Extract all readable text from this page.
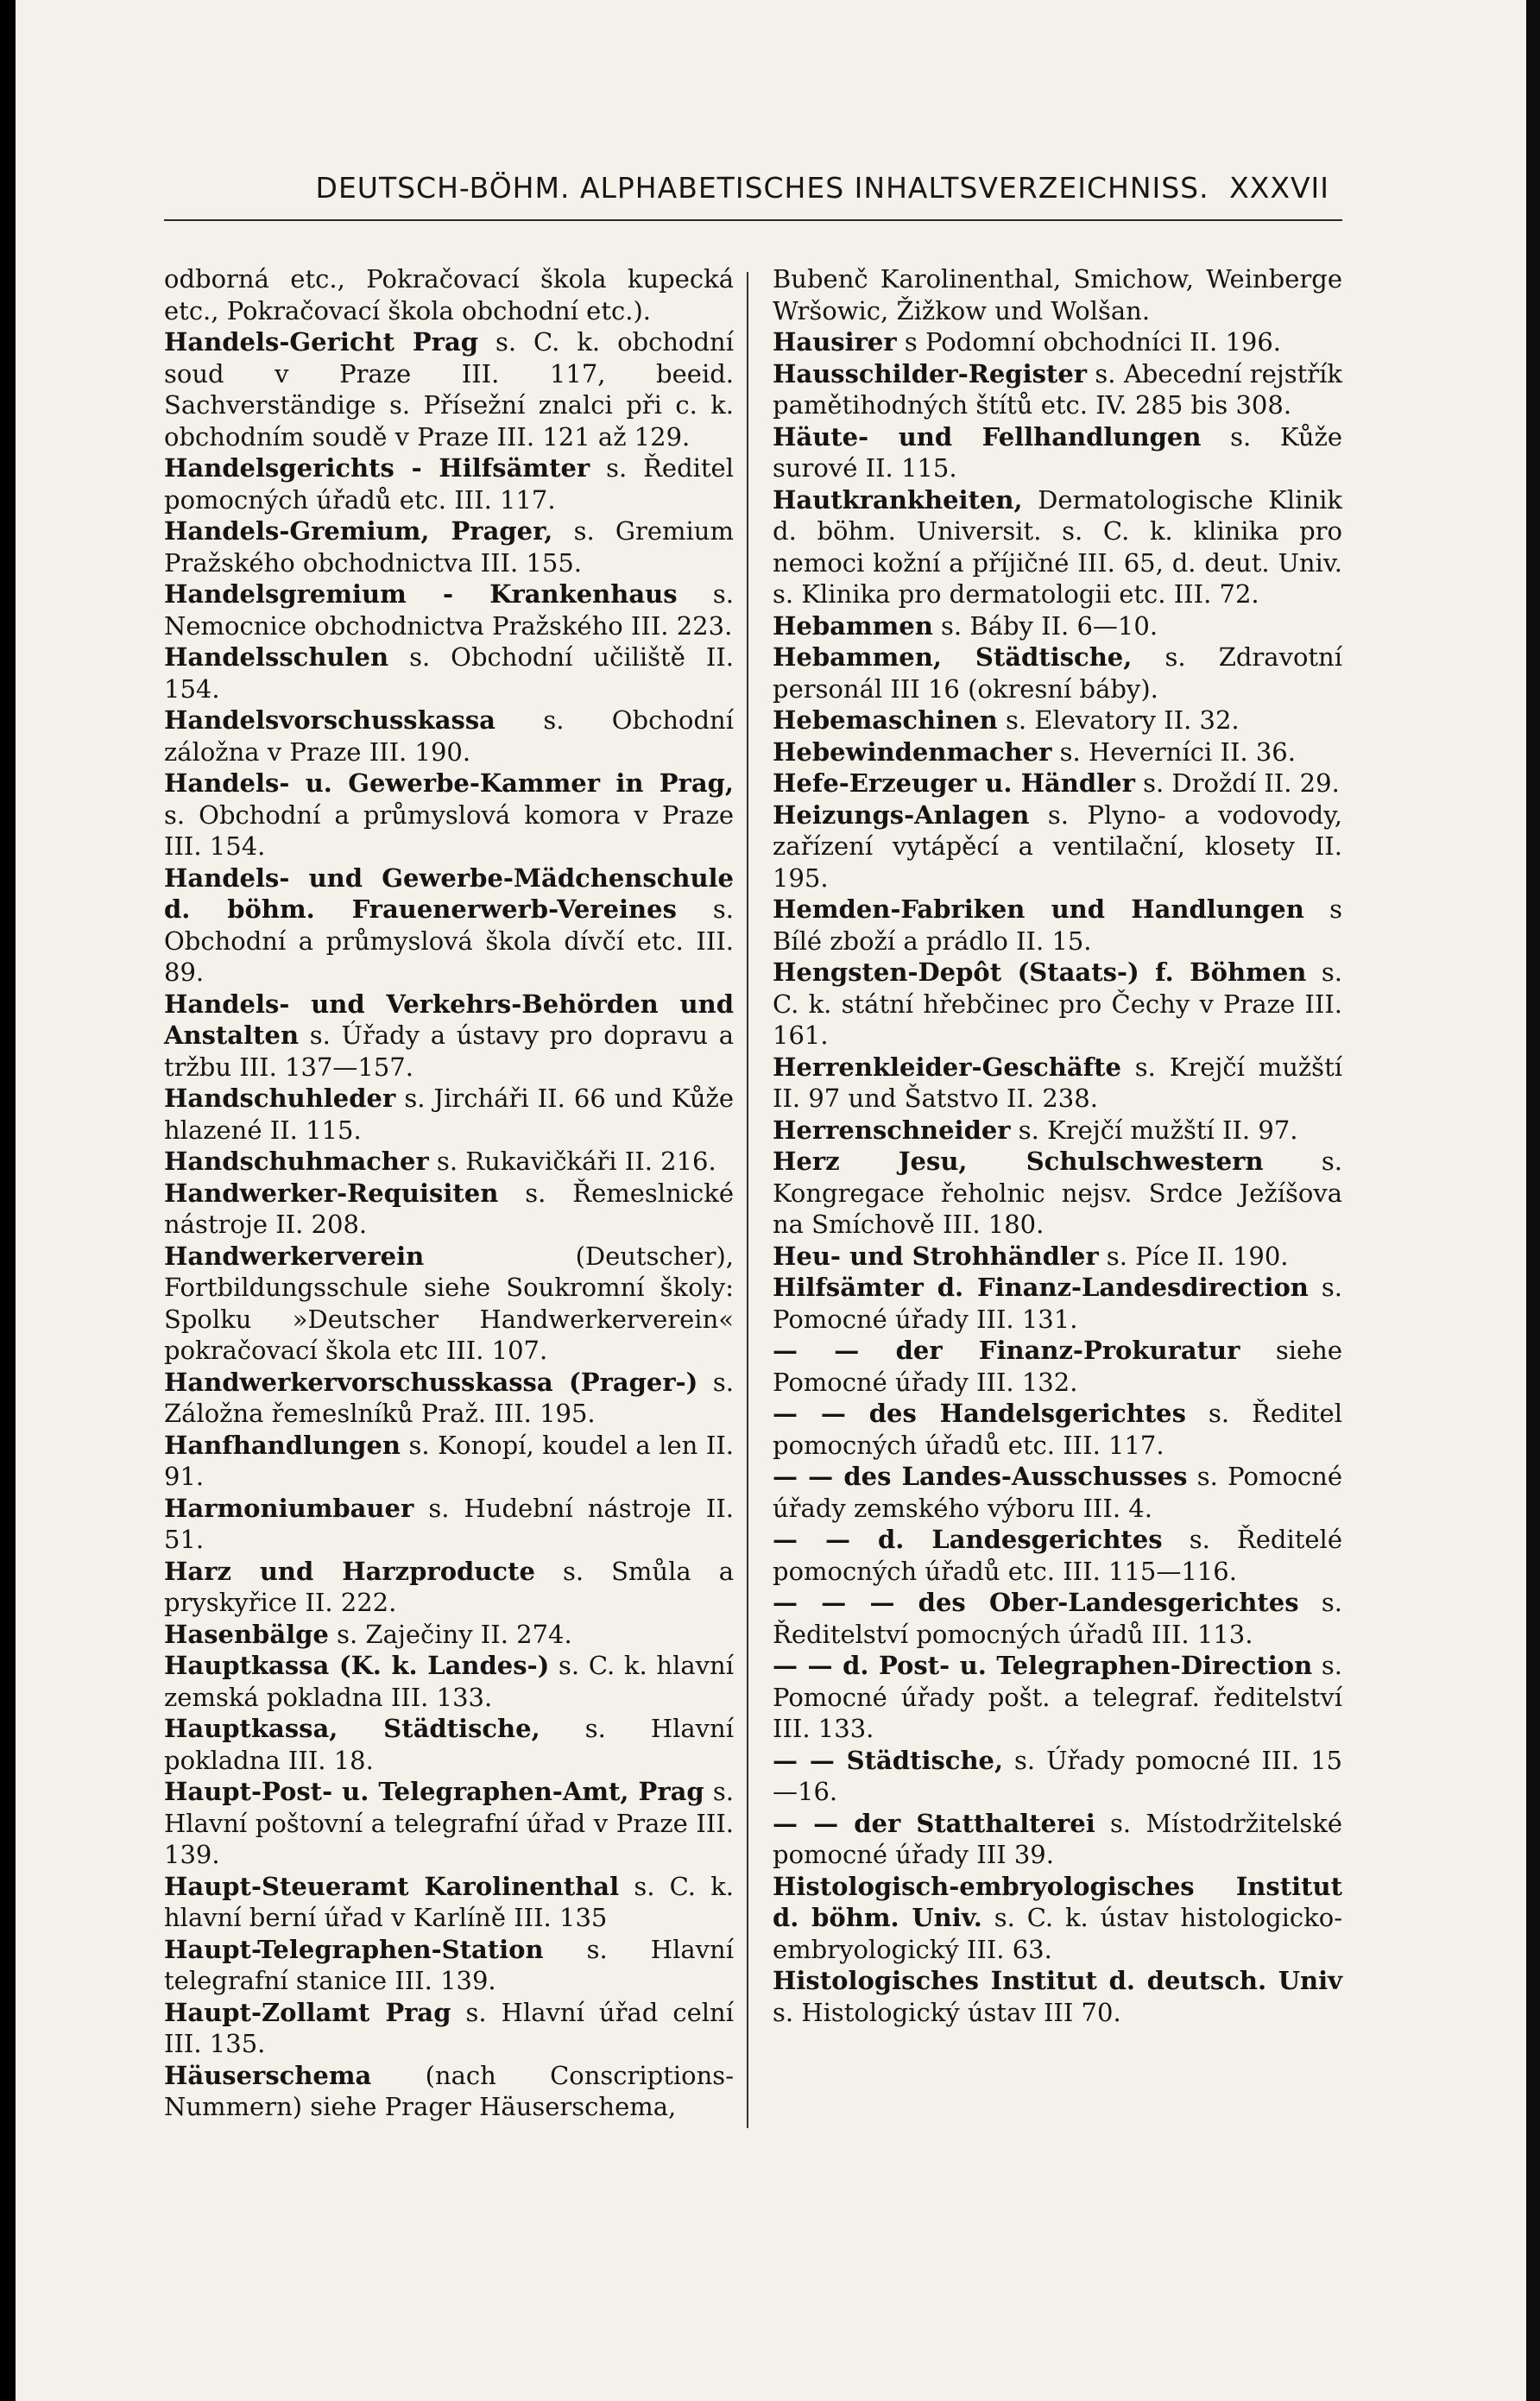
DEUTSCH-BÖHM. ALPHABETISCHES INHALTSVERZEICHNISS. XXXVII

odborná etc., Pokračovací škola kupecká etc., Pokračovací škola obchodní etc.).

Handels-Gericht Prag s. C. k. obchodní soud v Praze III. 117, beeid. Sachverständige s. Přísežní znalci při c. k. obchodním soudě v Praze III. 121 až 129.

Handelsgerichts - Hilfsämter s. Ředitel pomocných úřadů etc. III. 117.

Handels-Gremium, Prager, s. Gremium Pražského obchodnictva III. 155.

Handelsgremium - Krankenhaus s. Nemocnice obchodnictva Pražského III. 223.

Handelsschulen s. Obchodní učiliště II. 154.

Handelsvorschusskassa s. Obchodní záložna v Praze III. 190.

Handels- u. Gewerbe-Kammer in Prag, s. Obchodní a průmyslová komora v Praze III. 154.

Handels- und Gewerbe-Mädchenschule d. böhm. Frauenerwerb-Vereines s. Obchodní a průmyslová škola dívčí etc. III. 89.

Handels- und Verkehrs-Behörden und Anstalten s. Úřady a ústavy pro dopravu a tržbu III. 137—157.

Handschuhleder s. Jircháři II. 66 und Kůže hlazené II. 115.

Handschuhmacher s. Rukavičkáři II. 216.

Handwerker-Requisiten s. Řemeslnické nástroje II. 208.

Handwerkerverein	(Deutscher), Fortbildungsschule siehe Soukromní školy: Spolku »Deutscher Handwerkerverein« pokračovací škola etc III. 107.

Handwerkervorschusskassa (Prager-) s. Záložna řemeslníků Praž. III. 195.

Hanfhandlungen s. Konopí, koudel a len II. 91.

Harmoniumbauer s. Hudební nástroje II. 51.

Harz und Harzproducte s. Smůla a pryskyřice II. 222.

Hasenbälge s. Zaječiny II. 274.

Hauptkassa (K. k. Landes-) s. C. k. hlavní zemská pokladna III. 133.

Hauptkassa, Städtische, s. Hlavní pokladna III. 18.

Haupt-Post- u. Telegraphen-Amt, Prag s. Hlavní poštovní a telegrafní úřad v Praze III. 139.

Haupt-Steueramt Karolinenthal s. C. k. hlavní berní úřad v Karlíně III. 135

Haupt-Telegraphen-Station s. Hlavní telegrafní stanice III. 139.

Haupt-Zollamt Prag s. Hlavní úřad celní III. 135.

Häuserschema (nach Conscriptions-Nummern) siehe Prager Häuserschema,

Bubenč Karolinenthal, Smichow, Weinberge Wršowic, Žižkow und Wolšan.

Hausirer s Podomní obchodníci II. 196.

Hausschilder-Register s. Abecední rejstřík pamětihodných štítů etc. IV. 285 bis 308.

Häute- und Fellhandlungen s. Kůže surové II. 115.

Hautkrankheiten, Dermatologische Klinik d. böhm. Universit. s. C. k. klinika pro nemoci kožní a příjičné III. 65, d. deut. Univ. s. Klinika pro dermatologii etc. III. 72.

Hebammen s. Báby II. 6—10.

Hebammen, Städtische, s. Zdravotní personál III 16 (okresní báby).

Hebemaschinen s. Elevatory II. 32.

Hebewindenmacher s. Heverníci II. 36.

Hefe-Erzeuger u. Händler s. Droždí II. 29.

Heizungs-Anlagen s. Plyno- a vodovody, zařízení vytápěcí a ventilační, klosety II. 195.

Hemden-Fabriken und Handlungen s Bílé zboží a prádlo II. 15.

Hengsten-Depôt (Staats-) f. Böhmen s. C. k. státní hřebčinec pro Čechy v Praze III. 161.

Herrenkleider-Geschäfte s. Krejčí mužští II. 97 und Šatstvo II. 238.

Herrenschneider s. Krejčí mužští II. 97.

Herz Jesu, Schulschwestern s. Kongregace řeholnic nejsv. Srdce Ježíšova na Smíchově III. 180.

Heu- und Strohhändler s. Píce II. 190.

Hilfsämter d. Finanz-Landesdirection s. Pomocné úřady III. 131.

— — der Finanz-Prokuratur siehe Pomocné úřady III. 132.

— — des Handelsgerichtes s. Ředitel pomocných úřadů etc. III. 117.

— — des Landes-Ausschusses s. Pomocné úřady zemského výboru III. 4.

— — d. Landesgerichtes s. Ředitelé pomocných úřadů etc. III. 115—116.

— — — des Ober-Landesgerichtes s. Ředitelství pomocných úřadů III. 113.

— — d. Post- u. Telegraphen-Direction s. Pomocné úřady pošt. a telegraf. ředitelství III. 133.

— — Städtische, s. Úřady pomocné III. 15—16.

— — der Statthalterei s. Místodržitelské pomocné úřady III 39.

Histologisch-embryologisches Institut d. böhm. Univ. s. C. k. ústav histologicko-embryologický III. 63.

Histologisches Institut d. deutsch. Univ s. Histologický ústav III 70.
